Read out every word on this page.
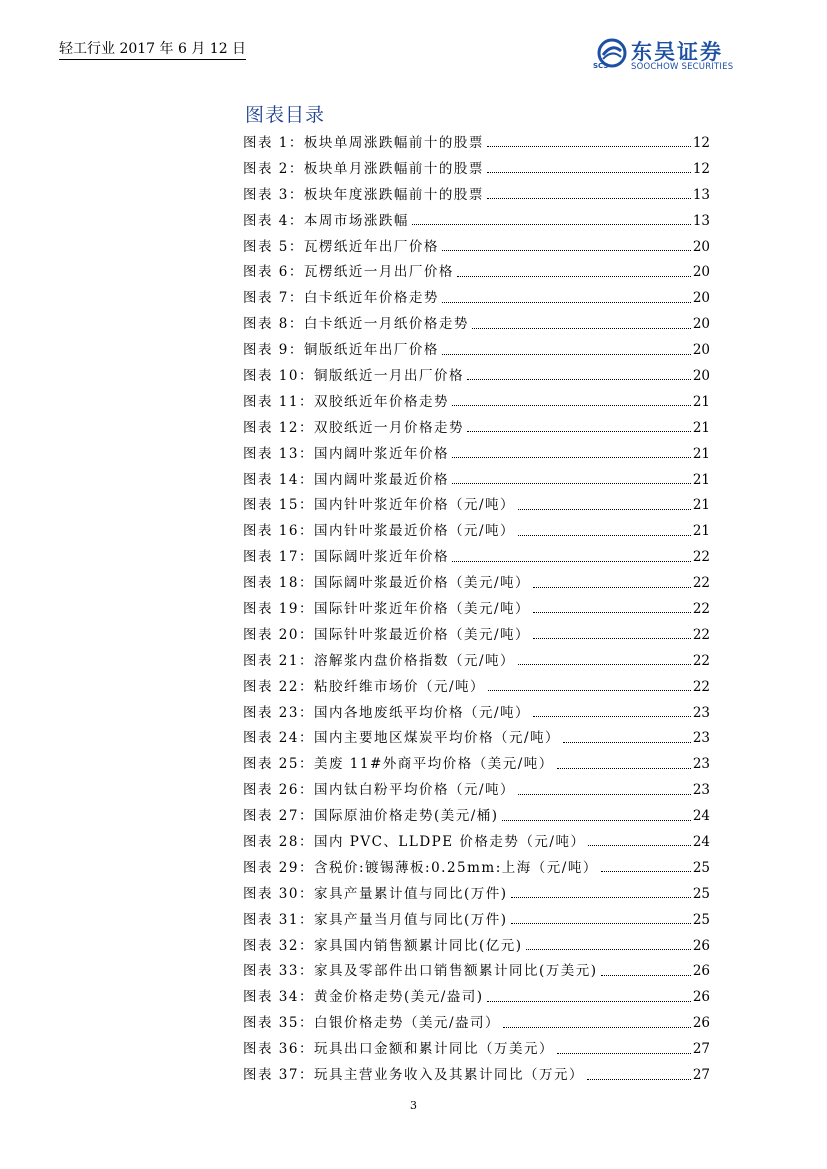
轻工行业 2017 年 6 月 12 日	东吴证券
SCS	SOOCHOW SECURITIES
图表目录
图表 1：板块单周涨跌幅前十的股票	12
图表 2：板块单月涨跌幅前十的股票	12
图表 3：板块年度涨跌幅前十的股票	13
图表 4：本周市场涨跌幅	13
图表 5：瓦楞纸近年出厂价格	20
图表 6：瓦楞纸近一月出厂价格	20
图表 7：白卡纸近年价格走势	20
图表 8：白卡纸近一月纸价格走势	20
图表 9：铜版纸近年出厂价格	20
图表 10：铜版纸近一月出厂价格	20
图表 11：双胶纸近年价格走势	21
图表 12：双胶纸近一月价格走势	21
图表 13：国内阔叶浆近年价格	21
图表 14：国内阔叶浆最近价格	21
图表 15：国内针叶浆近年价格（元/吨）	21
图表 16：国内针叶浆最近价格（元/吨）	21
图表 17：国际阔叶浆近年价格	22
图表 18：国际阔叶浆最近价格（美元/吨）	22
图表 19：国际针叶浆近年价格（美元/吨）	22
图表 20：国际针叶浆最近价格（美元/吨）	22
图表 21：溶解浆内盘价格指数（元/吨）	22
图表 22：粘胶纤维市场价（元/吨）	22
图表 23：国内各地废纸平均价格（元/吨）	23
图表 24：国内主要地区煤炭平均价格（元/吨）	23
图表 25：美废 11#外商平均价格（美元/吨）	23
图表 26：国内钛白粉平均价格（元/吨）	23
图表 27：国际原油价格走势(美元/桶)	24
图表 28：国内 PVC、LLDPE 价格走势（元/吨）	24
图表 29：含税价:镀锡薄板:0.25mm:上海（元/吨）	25
图表 30：家具产量累计值与同比(万件)	25
图表 31：家具产量当月值与同比(万件)	25
图表 32：家具国内销售额累计同比(亿元)	26
图表 33：家具及零部件出口销售额累计同比(万美元)	26
图表 34：黄金价格走势(美元/盎司)	26
图表 35：白银价格走势（美元/盎司）	26
图表 36：玩具出口金额和累计同比（万美元）	27
图表 37：玩具主营业务收入及其累计同比（万元）	27
3
